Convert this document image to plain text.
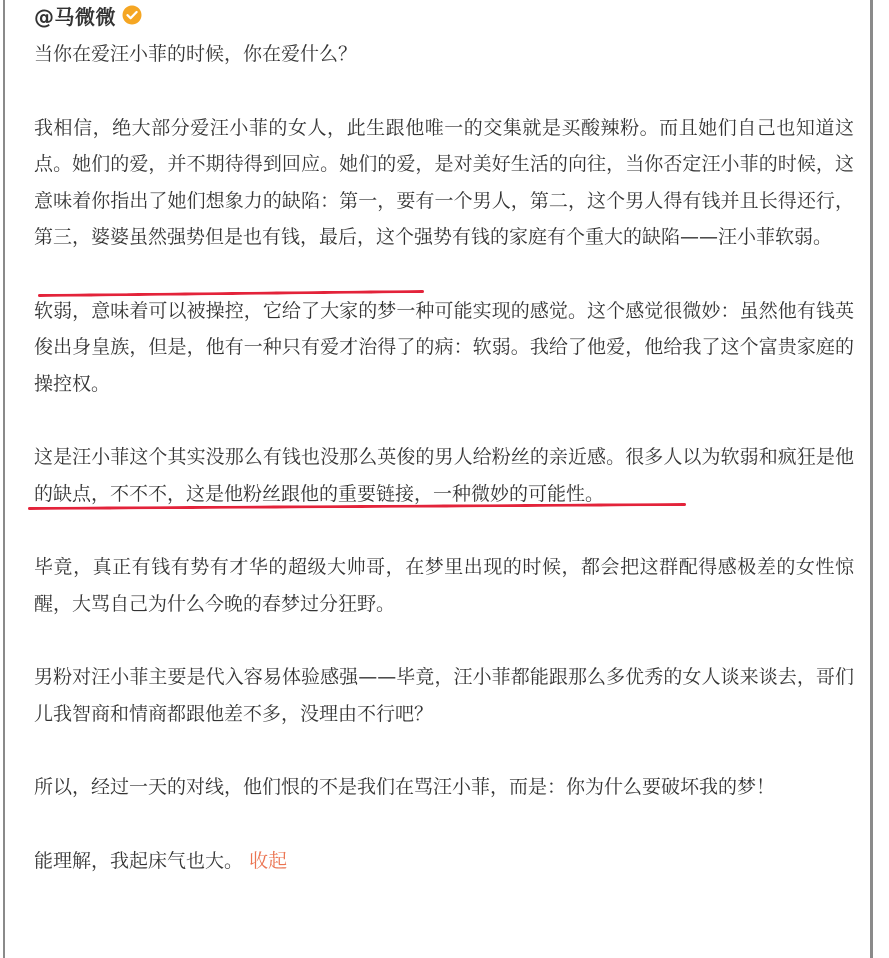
@马微微

当你在爱汪小菲的时候，你在爱什么？

我相信，绝大部分爱汪小菲的女人，此生跟他唯一的交集就是买酸辣粉。而且她们自己也知道这点。她们的爱，并不期待得到回应。她们的爱，是对美好生活的向往，当你否定汪小菲的时候，这意味着你指出了她们想象力的缺陷：第一，要有一个男人，第二，这个男人得有钱并且长得还行，第三，婆婆虽然强势但是也有钱，最后，这个强势有钱的家庭有个重大的缺陷——汪小菲软弱。

软弱，意味着可以被操控，它给了大家的梦一种可能实现的感觉。这个感觉很微妙：虽然他有钱英俊出身皇族，但是，他有一种只有爱才治得了的病：软弱。我给了他爱，他给我了这个富贵家庭的操控权。

这是汪小菲这个其实没那么有钱也没那么英俊的男人给粉丝的亲近感。很多人以为软弱和疯狂是他的缺点，不不不，这是他粉丝跟他的重要链接，一种微妙的可能性。

毕竟，真正有钱有势有才华的超级大帅哥，在梦里出现的时候，都会把这群配得感极差的女性惊醒，大骂自己为什么今晚的春梦过分狂野。

男粉对汪小菲主要是代入容易体验感强——毕竟，汪小菲都能跟那么多优秀的女人谈来谈去，哥们儿我智商和情商都跟他差不多，没理由不行吧？

所以，经过一天的对线，他们恨的不是我们在骂汪小菲，而是：你为什么要破坏我的梦！

能理解，我起床气也大。 收起
